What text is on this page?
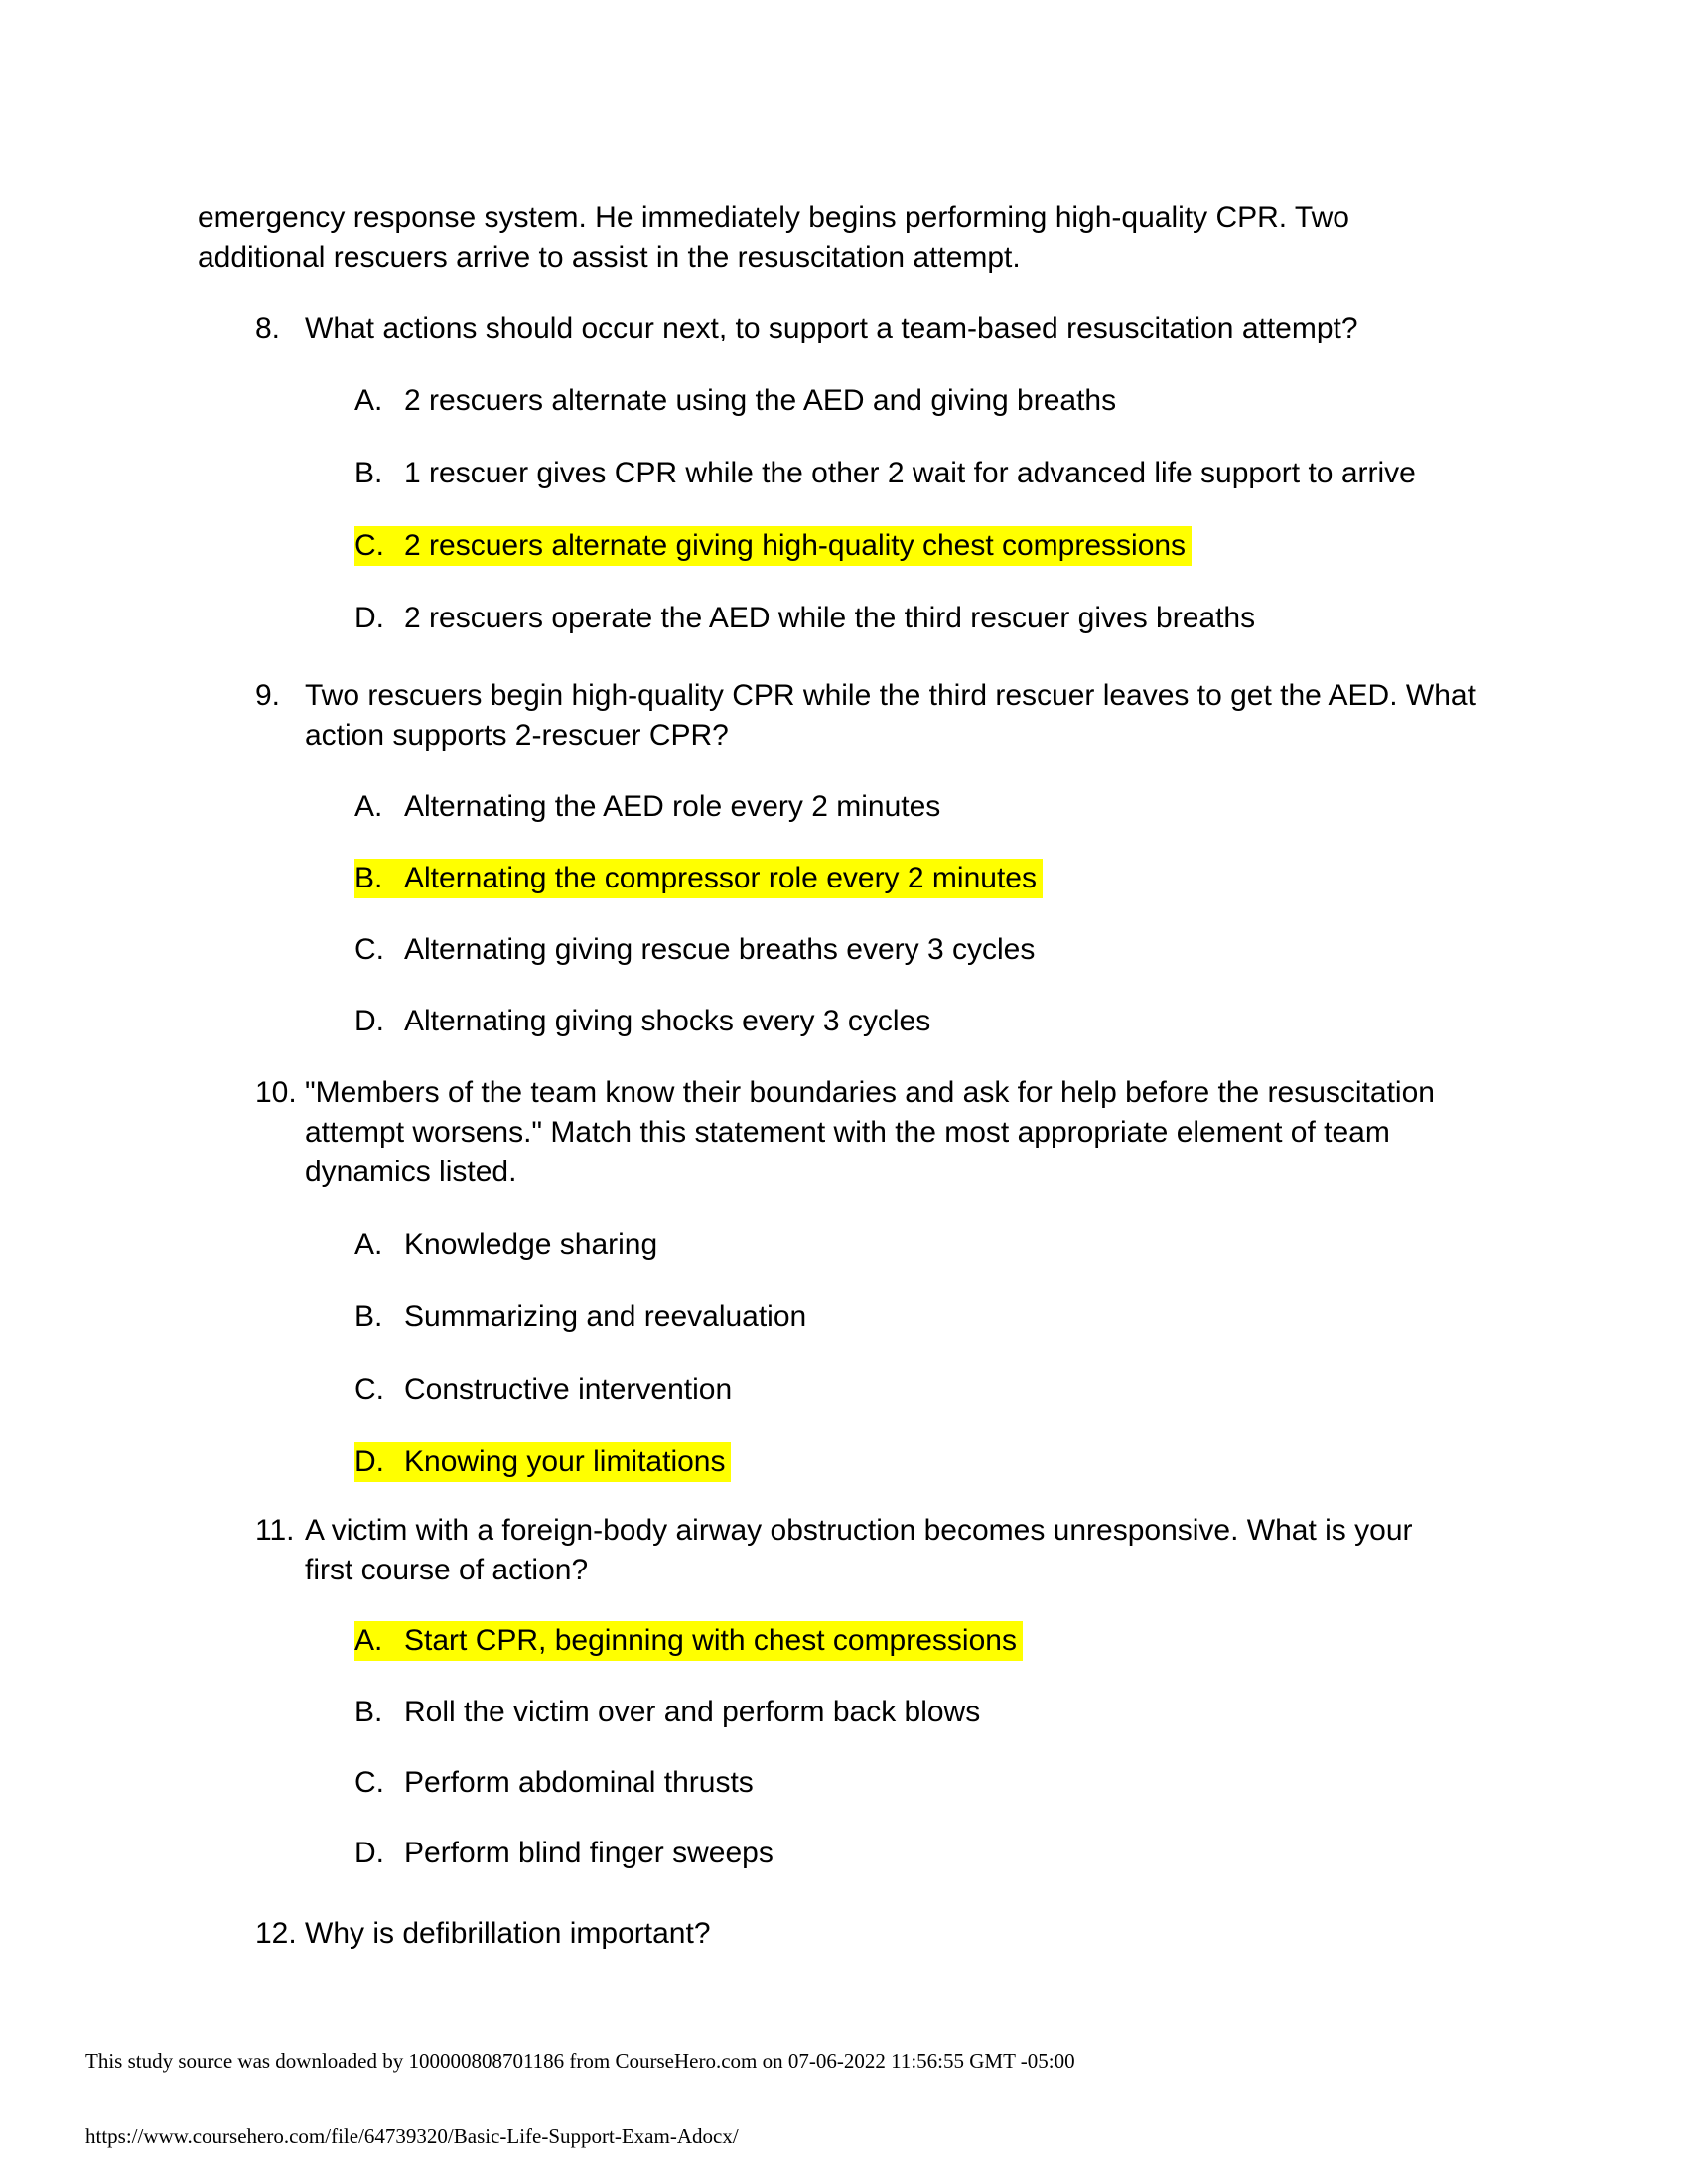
emergency response system. He immediately begins performing high-quality CPR. Two
additional rescuers arrive to assist in the resuscitation attempt.
8. What actions should occur next, to support a team-based resuscitation attempt?
A. 2 rescuers alternate using the AED and giving breaths
B. 1 rescuer gives CPR while the other 2 wait for advanced life support to arrive
C. 2 rescuers alternate giving high-quality chest compressions
D. 2 rescuers operate the AED while the third rescuer gives breaths
9. Two rescuers begin high-quality CPR while the third rescuer leaves to get the AED. What
action supports 2-rescuer CPR?
A. Alternating the AED role every 2 minutes
B. Alternating the compressor role every 2 minutes
C. Alternating giving rescue breaths every 3 cycles
D. Alternating giving shocks every 3 cycles
10. "Members of the team know their boundaries and ask for help before the resuscitation
attempt worsens." Match this statement with the most appropriate element of team
dynamics listed.
A. Knowledge sharing
B. Summarizing and reevaluation
C. Constructive intervention
D. Knowing your limitations
11. A victim with a foreign-body airway obstruction becomes unresponsive. What is your
first course of action?
A. Start CPR, beginning with chest compressions
B. Roll the victim over and perform back blows
C. Perform abdominal thrusts
D. Perform blind finger sweeps
12. Why is defibrillation important?
This study source was downloaded by 100000808701186 from CourseHero.com on 07-06-2022 11:56:55 GMT -05:00
https://www.coursehero.com/file/64739320/Basic-Life-Support-Exam-Adocx/
